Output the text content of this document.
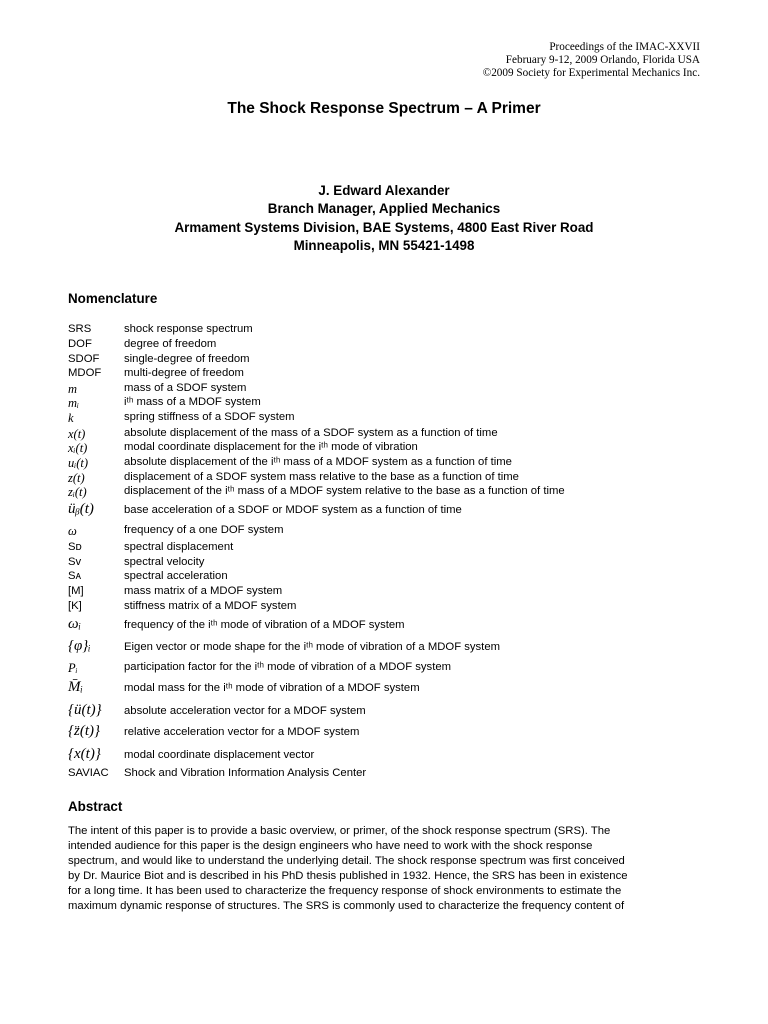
Proceedings of the IMAC-XXVII
February 9-12, 2009 Orlando, Florida USA
©2009 Society for Experimental Mechanics Inc.
The Shock Response Spectrum – A Primer
J. Edward Alexander
Branch Manager, Applied Mechanics
Armament Systems Division, BAE Systems, 4800 East River Road
Minneapolis, MN 55421-1498
Nomenclature
SRS	shock response spectrum
DOF	degree of freedom
SDOF single-degree of freedom
MDOF multi-degree of freedom
m	mass of a SDOF system
mᵢ	iᵗʰ mass of a MDOF system
k	spring stiffness of a SDOF system
x(t)	absolute displacement of the mass of a SDOF system as a function of time
xᵢ(t)	modal coordinate displacement for the iᵗʰ mode of vibration
uᵢ(t)	absolute displacement of the iᵗʰ mass of a MDOF system as a function of time
z(t)	displacement of a SDOF system mass relative to the base as a function of time
zᵢ(t)	displacement of the iᵗʰ mass of a MDOF system relative to the base as a function of time
üᵦ(t)	base acceleration of a SDOF or MDOF system as a function of time
ω	frequency of a one DOF system
Sᴅ	spectral displacement
Sᴠ	spectral velocity
Sᴀ	spectral acceleration
[M]	mass matrix of a MDOF system
[K]	stiffness matrix of a MDOF system
ωᵢ	frequency of the iᵗʰ mode of vibration of a MDOF system
{φ}ᵢ	Eigen vector or mode shape for the iᵗʰ mode of vibration of a MDOF system
Pᵢ	participation factor for the iᵗʰ mode of vibration of a MDOF system
M̄ᵢ	modal mass for the iᵗʰ mode of vibration of a MDOF system
{ü(t)} absolute acceleration vector for a MDOF system
{z̈(t)} relative acceleration vector for a MDOF system
{x(t)} modal coordinate displacement vector
SAVIAC Shock and Vibration Information Analysis Center
Abstract
The intent of this paper is to provide a basic overview, or primer, of the shock response spectrum (SRS). The
intended audience for this paper is the design engineers who have need to work with the shock response
spectrum, and would like to understand the underlying detail. The shock response spectrum was first conceived
by Dr. Maurice Biot and is described in his PhD thesis published in 1932. Hence, the SRS has been in existence
for a long time. It has been used to characterize the frequency response of shock environments to estimate the
maximum dynamic response of structures. The SRS is commonly used to characterize the frequency content of
